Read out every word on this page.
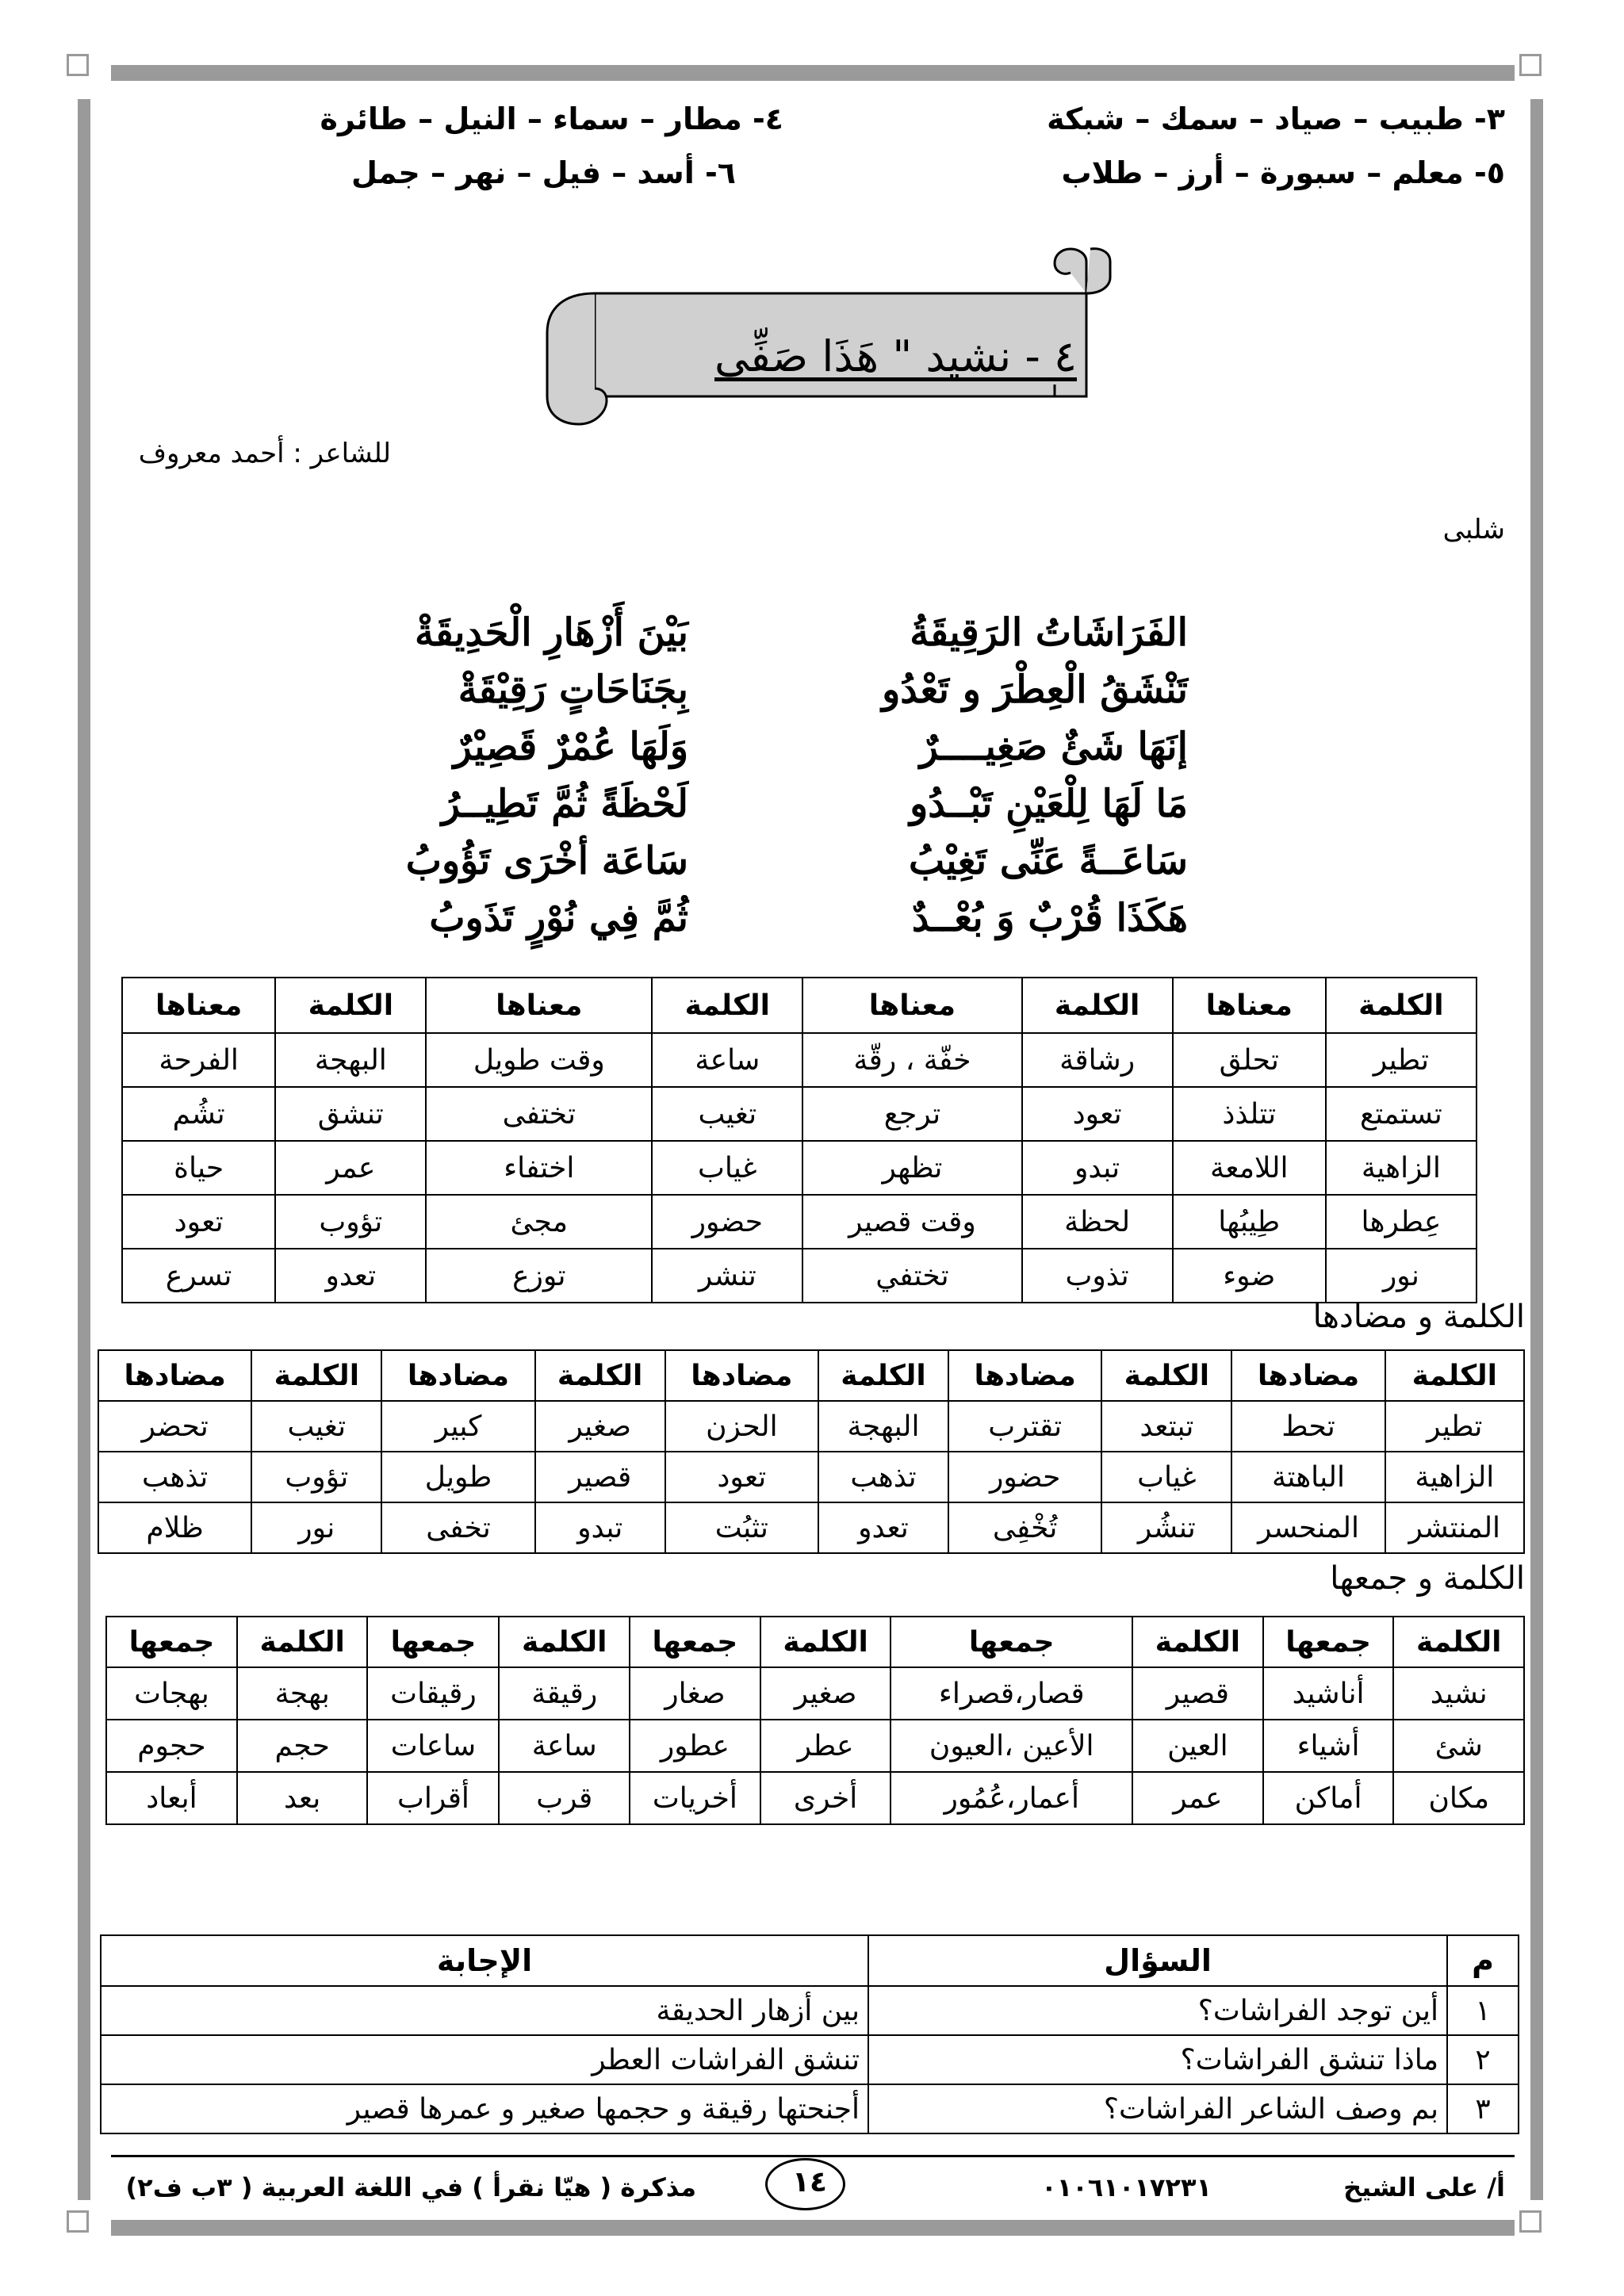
٣- طبيب – صياد – سمك – شبكة
٤- مطار – سماء – النيل – طائرة
٥- معلم – سبورة – أرز – طلاب
٦- أسد – فيل – نهر – جمل
٤ - نشيد " هَذَا صَفِّى
للشاعر : أحمد معروف
شلبى
الفَرَاشَاتُ الرَقِيقَةُ
تَنْشَقُ الْعِطْرَ و تَعْدُو
إنَهَا شَئٌ صَغِيــــرٌ
مَا لَهَا لِلْعَيْنِ تَبْــدُو
سَاعَــةً عَنِّى تَغِيْبُ
هَكَذَا قُرْبٌ وَ بُعْــدٌ
بَيْنَ أَزْهَارِ الْحَدِيقَةْ
بِجَنَاحَاتٍ رَقِيْقَةْ
وَلَهَا عُمْرٌ قَصِيْرٌ
لَحْظَةًًً ثُمَّ تَطِيــرُ
سَاعَة أخْرَى تَؤُوبُ
ثُمَّ فِي نُوْرٍ تَذَوبُ
الكلمة	معناها	الكلمة	معناها	الكلمة	معناها	الكلمة	معناها
تطير	تحلق	رشاقة	خفّة ، رقّة	ساعة	وقت طويل	البهجة	الفرحة
تستمتع	تتلذذ	تعود	ترجع	تغيب	تختفى	تنشق	تشُم
الزاهية	اللامعة	تبدو	تظهر	غياب	اختفاء	عمر	حياة
عِطرها	طِيبُها	لحظة	وقت قصير	حضور	مجئ	تؤوب	تعود
نور	ضوء	تذوب	تختفي	تنشر	توزع	تعدو	تسرع
الكلمة و مضادها
الكلمة	مضادها	الكلمة	مضادها	الكلمة	مضادها	الكلمة	مضادها	الكلمة	مضادها
تطير	تحط	تبتعد	تقترب	البهجة	الحزن	صغير	كبير	تغيب	تحضر
الزاهية	الباهتة	غياب	حضور	تذهب	تعود	قصير	طويل	تؤوب	تذهب
المنتشر	المنحسر	تنشُر	تُخْفِى	تعدو	تثبُت	تبدو	تخفى	نور	ظلام
الكلمة و جمعها
الكلمة	جمعها	الكلمة	جمعها	الكلمة	جمعها	الكلمة	جمعها	الكلمة	جمعها
نشيد	أناشيد	قصير	قصار،قصراء	صغير	صغار	رقيقة	رقيقات	بهجة	بهجات
شئ	أشياء	العين	الأعين ،العيون	عطر	عطور	ساعة	ساعات	حجم	حجوم
مكان	أماكن	عمر	أعمار،عُمُور	أخرى	أخريات	قرب	أقراب	بعد	أبعاد
م	السؤال	الإجابة
١	أين توجد الفراشات؟	بين أزهار الحديقة
٢	ماذا تنشق الفراشات؟	تنشق الفراشات العطر
٣	بم وصف الشاعر الفراشات؟	أجنحتها رقيقة و حجمها صغير و عمرها قصير
أ/ على الشيخ
٠١٠٦١٠١٧٢٣١
١٤
مذكرة ( هيّا نقرأ ) في اللغة العربية ( ٣ب ف٢)
